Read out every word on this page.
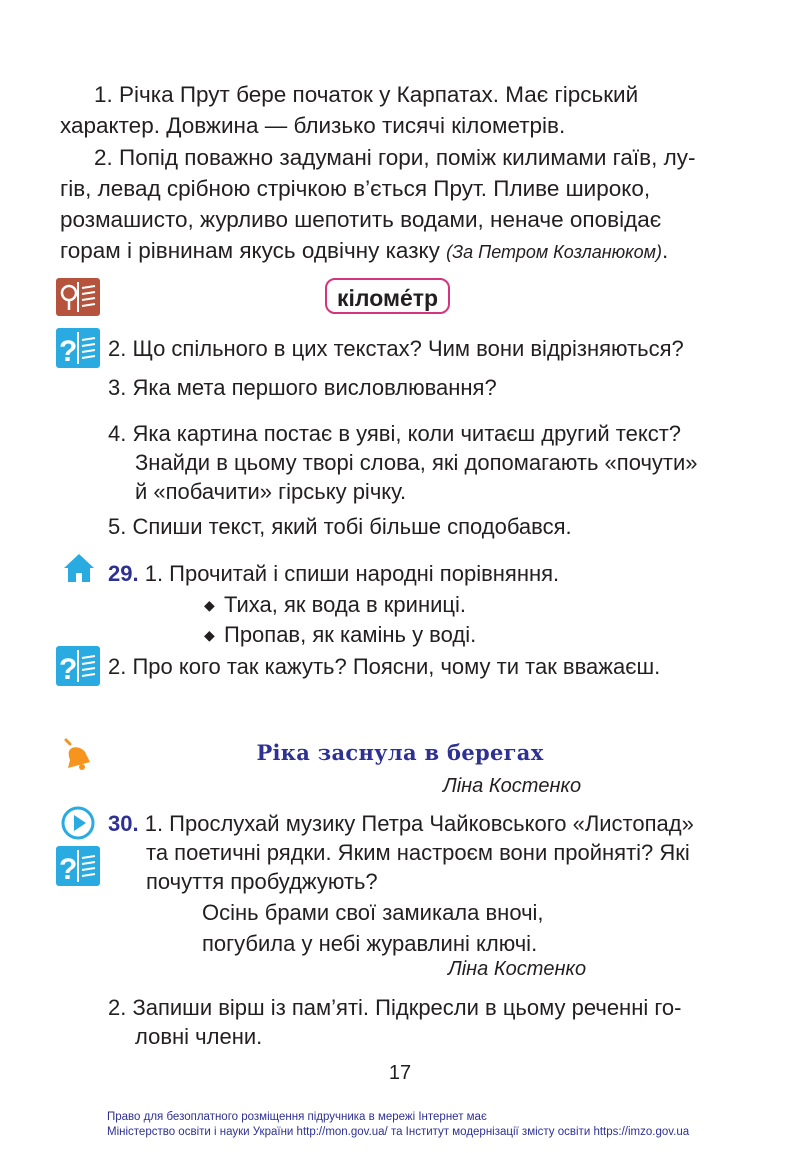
1. Річка Прут бере початок у Карпатах. Має гірський
характер. Довжина — близько тисячі кілометрів.
2. Попід поважно задумані гори, поміж килимами гаїв, лу-
гів, левад срібною стрічкою в’ється Прут. Пливе широко,
розмашисто, журливо шепотить водами, неначе оповідає
горам і рівнинам якусь одвічну казку (За Петром Козланюком).
кілометр
? 2. Що спільного в цих текстах? Чим вони відрізняються?
3. Яка мета першого висловлювання?
4. Яка картина постає в уяві, коли читаєш другий текст?
Знайди в цьому творі слова, які допомагають «почути»
й «побачити» гірську річку.
5. Спиши текст, який тобі більше сподобався.
29. 1. Прочитай і спиши народні порівняння.
◆ Тиха, як вода в криниці.
◆ Пропав, як камінь у воді.
? 2. Про кого так кажуть? Поясни, чому ти так вважаєш.
Ріка заснула в берегах
Ліна Костенко
?
30. 1. Прослухай музику Петра Чайковського «Листопад»
та поетичні рядки. Яким настроєм вони пройняті? Які
почуття пробуджують?
Осінь брами свої замикала вночі,
погубила у небі журавлині ключі.
Ліна Костенко
2. Запиши вірш із пам’яті. Підкресли в цьому реченні го-
ловні члени.
17
Право для безоплатного розміщення підручника в мережі Інтернет має
Міністерство освіти і науки України http://mon.gov.ua/ та Інститут модернізації змісту освіти https://imzo.gov.ua
